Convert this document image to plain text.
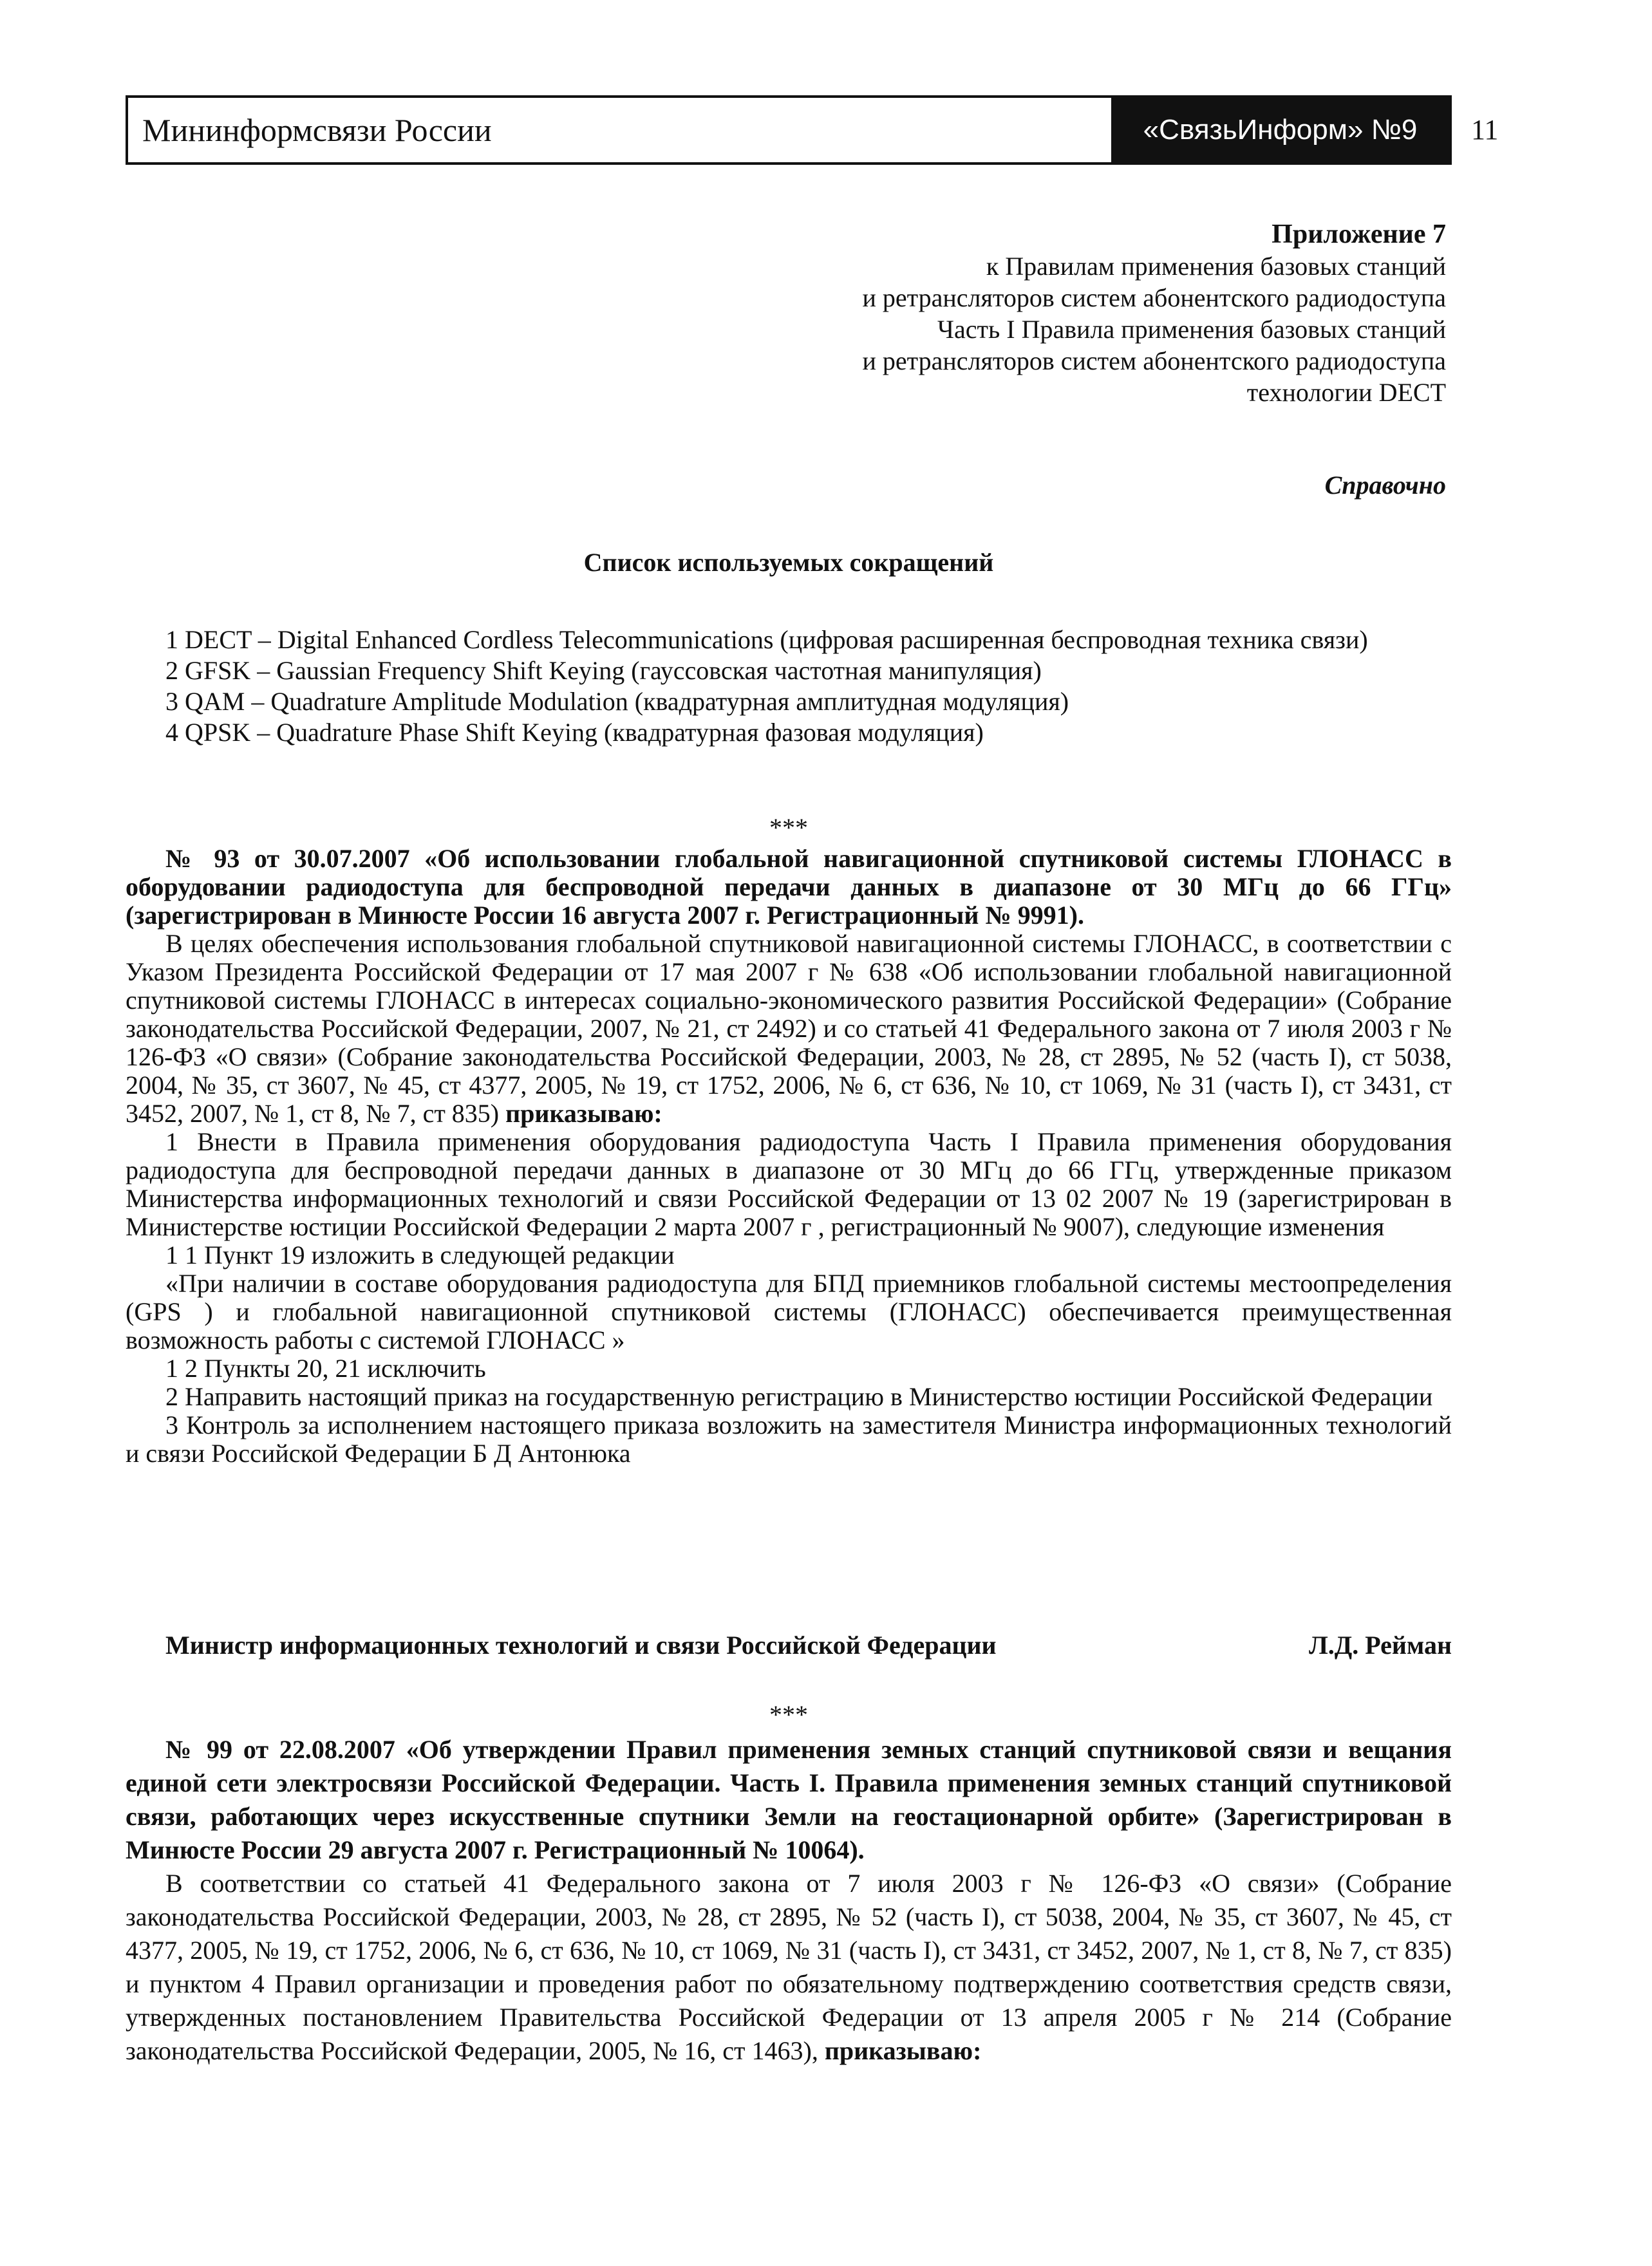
Мининформсвязи России	«СвязьИнформ» №9	11
Приложение 7
к Правилам применения базовых станций
и ретрансляторов систем абонентского радиодоступа
Часть I Правила применения базовых станций
и ретрансляторов систем абонентского радиодоступа
технологии DECT
Справочно
Список используемых сокращений

1 DECT – Digital Enhanced Cordless Telecommunications (цифровая расширенная беспроводная техника связи)

2 GFSK – Gaussian Frequency Shift Keying (гауссовская частотная манипуляция)

3 QAM – Quadrature Amplitude Modulation (квадратурная амплитудная модуляция)

4 QPSK – Quadrature Phase Shift Keying (квадратурная фазовая модуляция)

***

№ 93 от 30.07.2007 «Об использовании глобальной навигационной спутниковой системы ГЛОНАСС в оборудовании радиодоступа для беспроводной передачи данных в диапазоне от 30 МГц до 66 ГГц» (зарегистрирован в Минюсте России 16 августа 2007 г. Регистрационный № 9991).

В целях обеспечения использования глобальной спутниковой навигационной системы ГЛОНАСС, в соответствии с Указом Президента Российской Федерации от 17 мая 2007 г № 638 «Об использовании глобальной навигационной спутниковой системы ГЛОНАСС в интересах социально-экономического развития Российской Федерации» (Собрание законодательства Российской Федерации, 2007, № 21, ст 2492) и со статьей 41 Федерального закона от 7 июля 2003 г № 126-ФЗ «О связи» (Собрание законодательства Российской Федерации, 2003, № 28, ст 2895, № 52 (часть I), ст 5038, 2004, № 35, ст 3607, № 45, ст 4377, 2005, № 19, ст 1752, 2006, № 6, ст 636, № 10, ст 1069, № 31 (часть I), ст 3431, ст 3452, 2007, № 1, ст 8, № 7, ст 835) приказываю:

1 Внести в Правила применения оборудования радиодоступа Часть I Правила применения оборудования радиодоступа для беспроводной передачи данных в диапазоне от 30 МГц до 66 ГГц, утвержденные приказом Министерства информационных технологий и связи Российской Федерации от 13 02 2007 № 19 (зарегистрирован в Министерстве юстиции Российской Федерации 2 марта 2007 г , регистрационный № 9007), следующие изменения

1 1 Пункт 19 изложить в следующей редакции

«При наличии в составе оборудования радиодоступа для БПД приемников глобальной системы местоопределения (GPS ) и глобальной навигационной спутниковой системы (ГЛОНАСС) обеспечивается преимущественная возможность работы с системой ГЛОНАСС »

1 2 Пункты 20, 21 исключить

2 Направить настоящий приказ на государственную регистрацию в Министерство юстиции Российской Федерации

3 Контроль за исполнением настоящего приказа возложить на заместителя Министра информационных технологий и связи Российской Федерации Б Д Антонюка

Министр информационных технологий и связи Российской Федерации	Л.Д. Рейман
***

№ 99 от 22.08.2007 «Об утверждении Правил применения земных станций спутниковой связи и вещания единой сети электросвязи Российской Федерации. Часть I. Правила применения земных станций спутниковой связи, работающих через искусственные спутники Земли на геостационарной орбите» (Зарегистрирован в Минюсте России 29 августа 2007 г. Регистрационный № 10064).

В соответствии со статьей 41 Федерального закона от 7 июля 2003 г № 126-ФЗ «О связи» (Собрание законодательства Российской Федерации, 2003, № 28, ст 2895, № 52 (часть I), ст 5038, 2004, № 35, ст 3607, № 45, ст 4377, 2005, № 19, ст 1752, 2006, № 6, ст 636, № 10, ст 1069, № 31 (часть I), ст 3431, ст 3452, 2007, № 1, ст 8, № 7, ст 835) и пунктом 4 Правил организации и проведения работ по обязательному подтверждению соответствия средств связи, утвержденных постановлением Правительства Российской Федерации от 13 апреля 2005 г № 214 (Собрание законодательства Российской Федерации, 2005, № 16, ст 1463), приказываю:
